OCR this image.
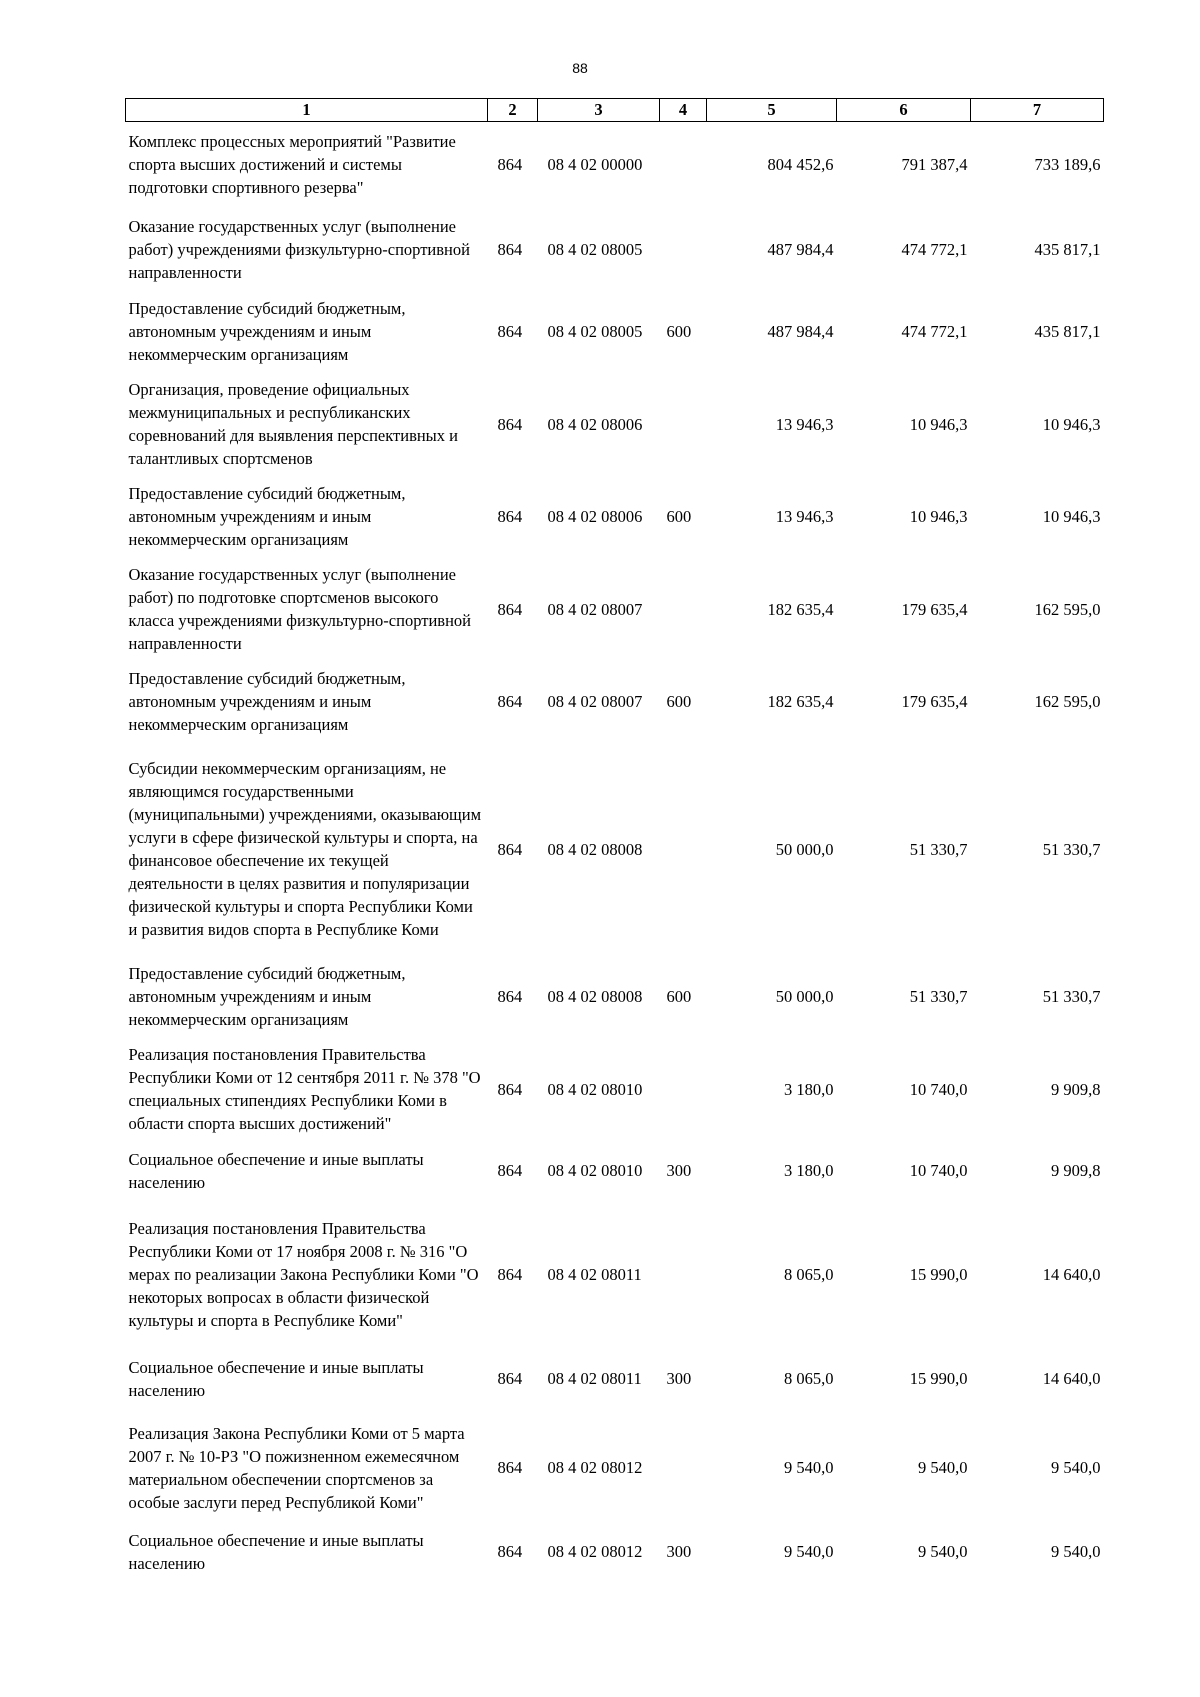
88
1	2	3	4	5	6	7
Комплекс процессных мероприятий "Развитие спорта высших достижений и системы подготовки спортивного резерва"	864	08 4 02 00000		804 452,6	791 387,4	733 189,6
Оказание государственных услуг (выполнение работ) учреждениями физкультурно-спортивной направленности	864	08 4 02 08005		487 984,4	474 772,1	435 817,1
Предоставление субсидий бюджетным, автономным учреждениям и иным некоммерческим организациям	864	08 4 02 08005	600	487 984,4	474 772,1	435 817,1
Организация, проведение официальных межмуниципальных и республиканских соревнований для выявления перспективных и талантливых спортсменов	864	08 4 02 08006		13 946,3	10 946,3	10 946,3
Предоставление субсидий бюджетным, автономным учреждениям и иным некоммерческим организациям	864	08 4 02 08006	600	13 946,3	10 946,3	10 946,3
Оказание государственных услуг (выполнение работ) по подготовке спортсменов высокого класса учреждениями физкультурно-спортивной направленности	864	08 4 02 08007		182 635,4	179 635,4	162 595,0
Предоставление субсидий бюджетным, автономным учреждениям и иным некоммерческим организациям	864	08 4 02 08007	600	182 635,4	179 635,4	162 595,0
Субсидии некоммерческим организациям, не являющимся государственными (муниципальными) учреждениями, оказывающим услуги в сфере физической культуры и спорта, на финансовое обеспечение их текущей деятельности в целях развития и популяризации физической культуры и спорта Республики Коми и развития видов спорта в Республике Коми	864	08 4 02 08008		50 000,0	51 330,7	51 330,7
Предоставление субсидий бюджетным, автономным учреждениям и иным некоммерческим организациям	864	08 4 02 08008	600	50 000,0	51 330,7	51 330,7
Реализация постановления Правительства Республики Коми от 12 сентября 2011 г. № 378 "О специальных стипендиях Республики Коми в области спорта высших достижений"	864	08 4 02 08010		3 180,0	10 740,0	9 909,8
Социальное обеспечение и иные выплаты населению	864	08 4 02 08010	300	3 180,0	10 740,0	9 909,8
Реализация постановления Правительства Республики Коми от 17 ноября 2008 г. № 316 "О мерах по реализации Закона Республики Коми "О некоторых вопросах в области физической культуры и спорта в Республике Коми"	864	08 4 02 08011		8 065,0	15 990,0	14 640,0
Социальное обеспечение и иные выплаты населению	864	08 4 02 08011	300	8 065,0	15 990,0	14 640,0
Реализация Закона Республики Коми от 5 марта 2007 г. № 10-РЗ "О пожизненном ежемесячном материальном обеспечении спортсменов за особые заслуги перед Республикой Коми"	864	08 4 02 08012		9 540,0	9 540,0	9 540,0
Социальное обеспечение и иные выплаты населению	864	08 4 02 08012	300	9 540,0	9 540,0	9 540,0
